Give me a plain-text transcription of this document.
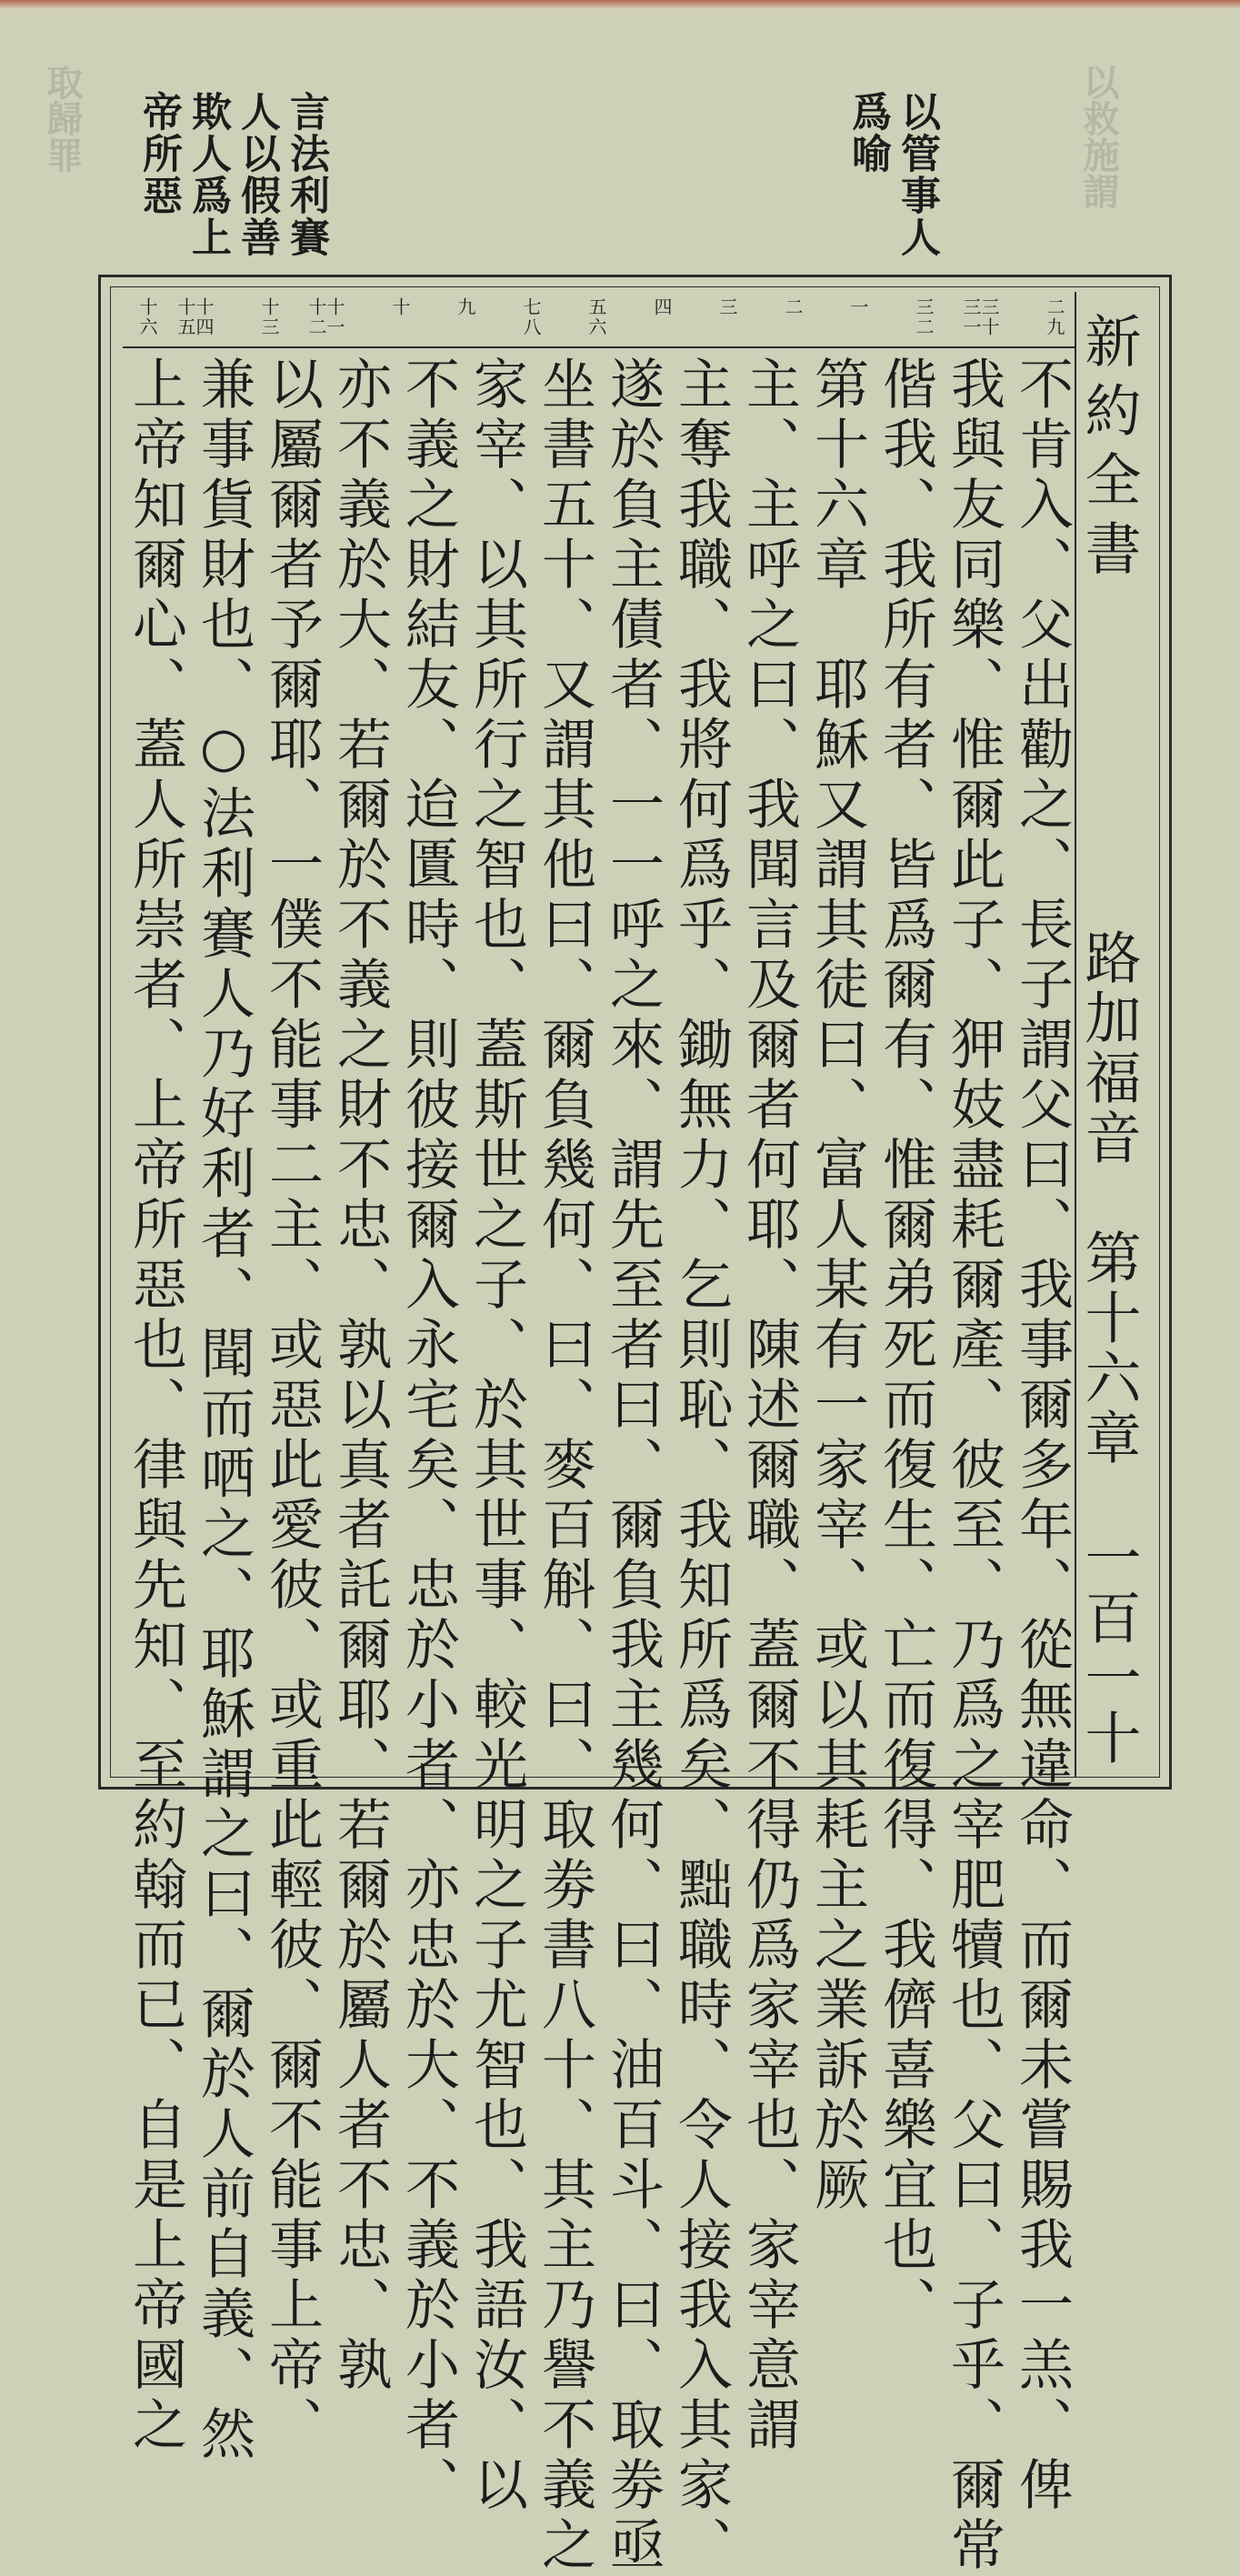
以救施謂
取歸罪	以管事人
爲喻
言法利賽
人以假善
欺人爲上
帝所惡
新約全書
路加福音　第十六章
一百一十
二九
三十三一
三二
一
二
三
四
五六
七八
九
十
十一十二
十三
十四十五
十六
不肯入、父出勸之、長子謂父曰、我事爾多年、從無違命、而爾未嘗賜我一羔、俾
我與友同樂、惟爾此子、狎妓盡耗爾產、彼至、乃爲之宰肥犢也、父曰、子乎、爾常
偕我、我所有者、皆爲爾有、惟爾弟死而復生、亡而復得、我儕喜樂宜也、
第十六章　耶穌又謂其徒曰、富人某有一家宰、或以其耗主之業訴於厥
主、主呼之曰、我聞言及爾者何耶、陳述爾職、蓋爾不得仍爲家宰也、家宰意謂
主奪我職、我將何爲乎、鋤無力、乞則恥、我知所爲矣、黜職時、令人接我入其家、
遂於負主債者、一一呼之來、謂先至者曰、爾負我主幾何、曰、油百斗、曰、取劵亟
坐書五十、又謂其他曰、爾負幾何、曰、麥百斛、曰、取劵書八十、其主乃譽不義之
家宰、以其所行之智也、蓋斯世之子、於其世事、較光明之子尤智也、我語汝、以
不義之財結友、迨匱時、則彼接爾入永宅矣、忠於小者、亦忠於大、不義於小者、
亦不義於大、若爾於不義之財不忠、孰以真者託爾耶、若爾於屬人者不忠、孰
以屬爾者予爾耶、一僕不能事二主、或惡此愛彼、或重此輕彼、爾不能事上帝、
兼事貨財也、○法利賽人乃好利者、聞而哂之、耶穌謂之曰、爾於人前自義、然
上帝知爾心、蓋人所崇者、上帝所惡也、律與先知、至約翰而已、自是上帝國之
